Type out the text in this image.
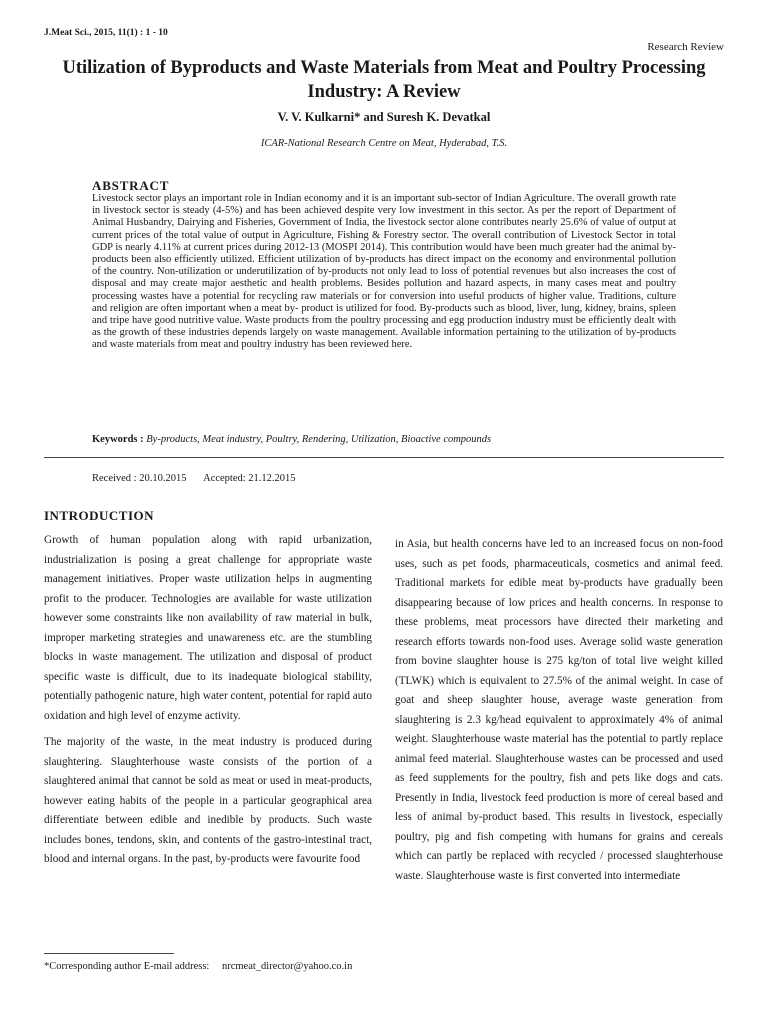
J.Meat Sci., 2015, 11(1) : 1 - 10
Research Review
Utilization of Byproducts and Waste Materials from Meat and Poultry Processing Industry: A Review
V. V. Kulkarni* and Suresh K. Devatkal
ICAR-National Research Centre on Meat, Hyderabad, T.S.
ABSTRACT
Livestock sector plays an important role in Indian economy and it is an important sub-sector of Indian Agriculture. The overall growth rate in livestock sector is steady (4-5%) and has been achieved despite very low investment in this sector. As per the report of Department of Animal Husbandry, Dairying and Fisheries, Government of India, the livestock sector alone contributes nearly 25.6% of value of output at current prices of the total value of output in Agriculture, Fishing & Forestry sector. The overall contribution of Livestock Sector in total GDP is nearly 4.11% at current prices during 2012-13 (MOSPI 2014). This contribution would have been much greater had the animal by-products been also efficiently utilized. Efficient utilization of by-products has direct impact on the economy and environmental pollution of the country. Non-utilization or underutilization of by-products not only lead to loss of potential revenues but also increases the cost of disposal and may create major aesthetic and health problems. Besides pollution and hazard aspects, in many cases meat and poultry processing wastes have a potential for recycling raw materials or for conversion into useful products of higher value. Traditions, culture and religion are often important when a meat by- product is utilized for food. By-products such as blood, liver, lung, kidney, brains, spleen and tripe have good nutritive value. Waste products from the poultry processing and egg production industry must be efficiently dealt with as the growth of these industries depends largely on waste management. Available information pertaining to the utilization of by-products and waste materials from meat and poultry industry has been reviewed here.
Keywords : By-products, Meat industry, Poultry, Rendering, Utilization, Bioactive compounds
Received : 20.10.2015 Accepted: 21.12.2015
INTRODUCTION

Growth of human population along with rapid urbanization, industrialization is posing a great challenge for appropriate waste management initiatives. Proper waste utilization helps in augmenting profit to the producer. Technologies are available for waste utilization however some constraints like non availability of raw material in bulk, improper marketing strategies and unawareness etc. are the stumbling blocks in waste management. The utilization and disposal of product specific waste is difficult, due to its inadequate biological stability, potentially pathogenic nature, high water content, potential for rapid auto oxidation and high level of enzyme activity.

The majority of the waste, in the meat industry is produced during slaughtering. Slaughterhouse waste consists of the portion of a slaughtered animal that cannot be sold as meat or used in meat-products, however eating habits of the people in a particular geographical area differentiate between edible and inedible by products. Such waste includes bones, tendons, skin, and contents of the gastro-intestinal tract, blood and internal organs. In the past, by-products were favourite food

in Asia, but health concerns have led to an increased focus on non-food uses, such as pet foods, pharmaceuticals, cosmetics and animal feed. Traditional markets for edible meat by-products have gradually been disappearing because of low prices and health concerns. In response to these problems, meat processors have directed their marketing and research efforts towards non-food uses. Average solid waste generation from bovine slaughter house is 275 kg/ton of total live weight killed (TLWK) which is equivalent to 27.5% of the animal weight. In case of goat and sheep slaughter house, average waste generation from slaughtering is 2.3 kg/head equivalent to approximately 4% of animal weight. Slaughterhouse waste material has the potential to partly replace animal feed material. Slaughterhouse wastes can be processed and used as feed supplements for the poultry, fish and pets like dogs and cats. Presently in India, livestock feed production is more of cereal based and less of animal by-product based. This results in livestock, especially poultry, pig and fish competing with humans for grains and cereals which can partly be replaced with recycled / processed slaughterhouse waste. Slaughterhouse waste is first converted into intermediate

*Corresponding author E-mail address: nrcmeat_director@yahoo.co.in
